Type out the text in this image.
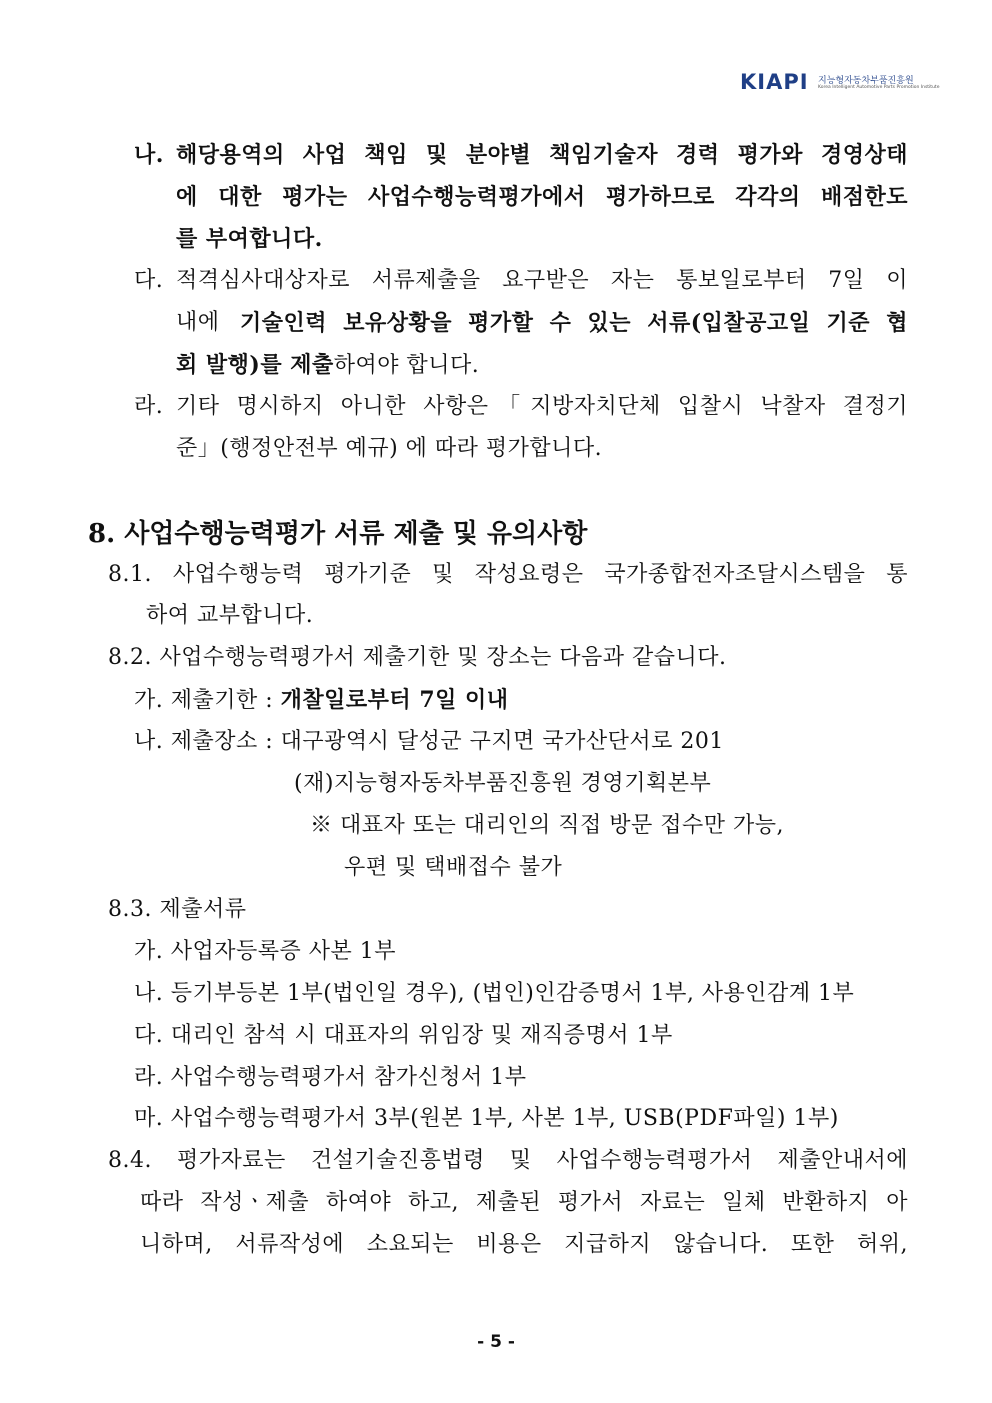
KIAPI 지능형자동차부품진흥원
Korea Intelligent Automotive Parts Promotion Institute
나. 해당용역의 사업 책임 및 분야별 책임기술자 경력 평가와 경영상태
에 대한 평가는 사업수행능력평가에서 평가하므로 각각의 배점한도
를 부여합니다.
다. 적격심사대상자로 서류제출을 요구받은 자는 통보일로부터 7일 이
내에 기술인력 보유상황을 평가할 수 있는 서류(입찰공고일 기준 협
회 발행)를 제출하여야 합니다.
라. 기타 명시하지 아니한 사항은「지방자치단체 입찰시 낙찰자 결정기
준」(행정안전부 예규) 에 따라 평가합니다.
8. 사업수행능력평가 서류 제출 및 유의사항
8.1. 사업수행능력 평가기준 및 작성요령은 국가종합전자조달시스템을 통
하여 교부합니다.
8.2. 사업수행능력평가서 제출기한 및 장소는 다음과 같습니다.
가. 제출기한 : 개찰일로부터 7일 이내
나. 제출장소 : 대구광역시 달성군 구지면 국가산단서로 201
(재)지능형자동차부품진흥원 경영기획본부
※ 대표자 또는 대리인의 직접 방문 접수만 가능,
우편 및 택배접수 불가
8.3. 제출서류
가. 사업자등록증 사본 1부
나. 등기부등본 1부(법인일 경우), (법인)인감증명서 1부, 사용인감계 1부
다. 대리인 참석 시 대표자의 위임장 및 재직증명서 1부
라. 사업수행능력평가서 참가신청서 1부
마. 사업수행능력평가서 3부(원본 1부, 사본 1부, USB(PDF파일) 1부)
8.4. 평가자료는 건설기술진흥법령 및 사업수행능력평가서 제출안내서에
따라 작성ㆍ제출 하여야 하고, 제출된 평가서 자료는 일체 반환하지 아
니하며, 서류작성에 소요되는 비용은 지급하지 않습니다. 또한 허위,
- 5 -
